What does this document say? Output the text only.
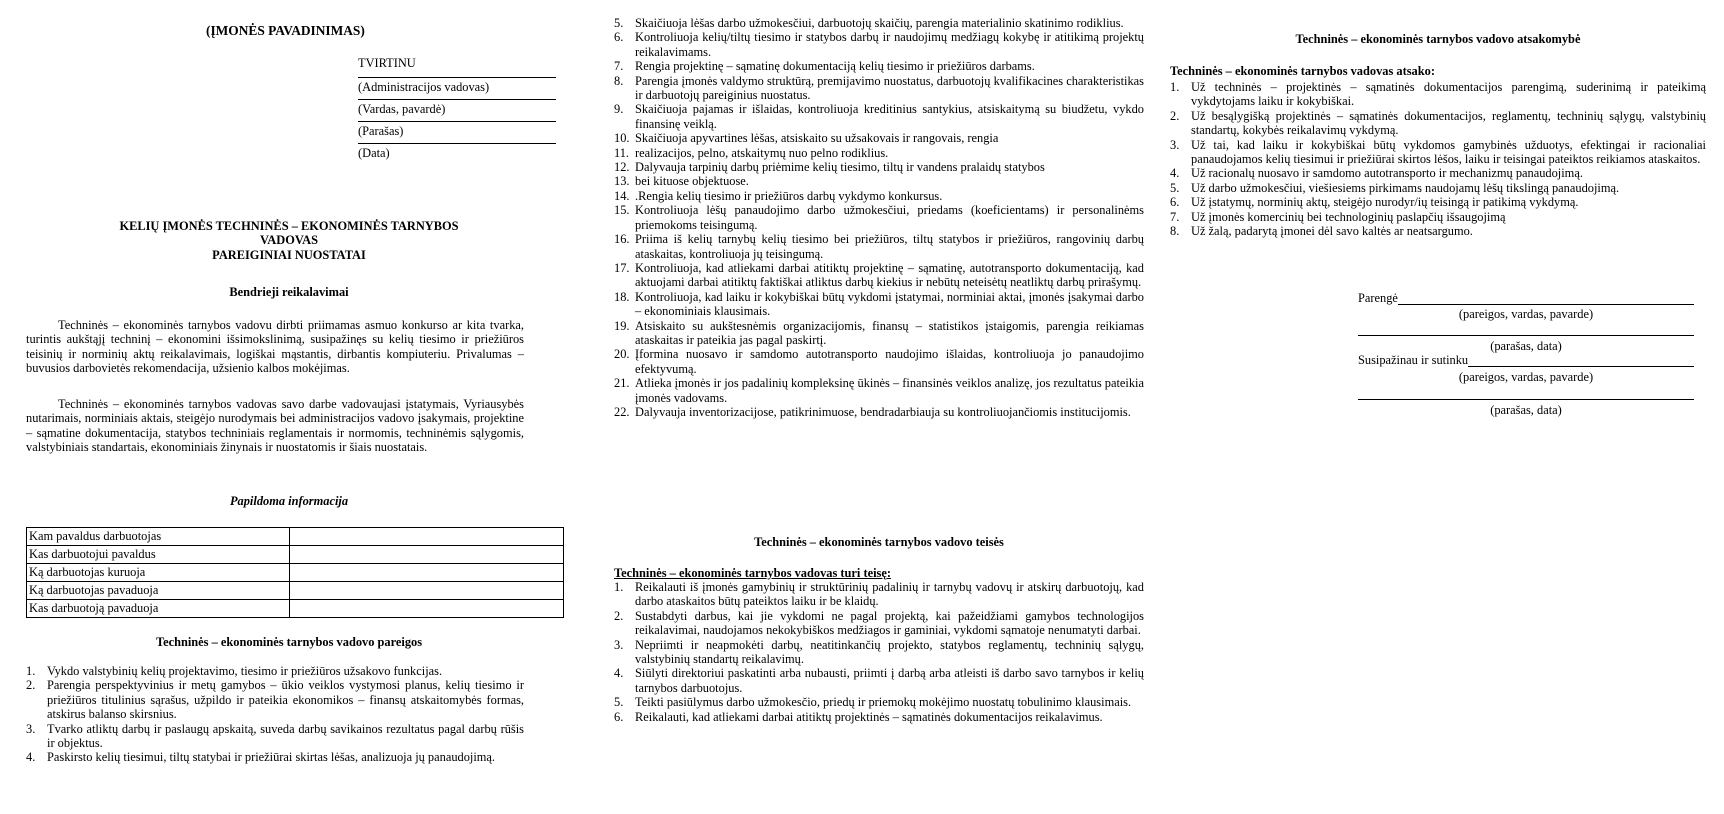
(ĮMONĖS PAVADINIMAS)
TVIRTINU
(Administracijos vadovas)
(Vardas, pavardė)
(Parašas)
(Data)
KELIŲ ĮMONĖS TECHNINĖS – EKONOMINĖS TARNYBOS
VADOVAS
PAREIGINIAI NUOSTATAI
Bendrieji reikalavimai
Techninės – ekonominės tarnybos vadovu dirbti priimamas asmuo konkurso ar kita tvarka, turintis aukštąjį techninį – ekonomini išsimokslinimą, susipažinęs su kelių tiesimo ir priežiūros teisinių ir norminių aktų reikalavimais, logiškai mąstantis, dirbantis kompiuteriu. Privalumas – buvusios darbovietės rekomendacija, užsienio kalbos mokėjimas.
Techninės – ekonominės tarnybos vadovas savo darbe vadovaujasi įstatymais, Vyriausybės nutarimais, norminiais aktais, steigėjo nurodymais bei administracijos vadovo įsakymais, projektine – sąmatine dokumentacija, statybos techniniais reglamentais ir normomis, techninėmis sąlygomis, valstybiniais standartais, ekonominiais žinynais ir nuostatomis ir šiais nuostatais.
Papildoma informacija
Kam pavaldus darbuotojas	
Kas darbuotojui pavaldus	
Ką darbuotojas kuruoja	
Ką darbuotojas pavaduoja	
Kas darbuotoją pavaduoja	
Techninės – ekonominės tarnybos vadovo pareigos
1. Vykdo valstybinių kelių projektavimo, tiesimo ir priežiūros užsakovo funkcijas.
2. Parengia perspektyvinius ir metų gamybos – ūkio veiklos vystymosi planus, kelių tiesimo ir priežiūros titulinius sąrašus, užpildo ir pateikia ekonomikos – finansų atskaitomybės formas, atskirus balanso skirsnius.
3. Tvarko atliktų darbų ir paslaugų apskaitą, suveda darbų savikainos rezultatus pagal darbų rūšis ir objektus.
4. Paskirsto kelių tiesimui, tiltų statybai ir priežiūrai skirtas lėšas, analizuoja jų panaudojimą.
5. Skaičiuoja lėšas darbo užmokesčiui, darbuotojų skaičių, parengia materialinio skatinimo rodiklius.
6. Kontroliuoja kelių/tiltų tiesimo ir statybos darbų ir naudojimų medžiagų kokybę ir atitikimą projektų reikalavimams.
7. Rengia projektinę – sąmatinę dokumentaciją kelių tiesimo ir priežiūros darbams.
8. Parengia įmonės valdymo struktūrą, premijavimo nuostatus, darbuotojų kvalifikacines charakteristikas ir darbuotojų pareiginius nuostatus.
9. Skaičiuoja pajamas ir išlaidas, kontroliuoja kreditinius santykius, atsiskaitymą su biudžetu, vykdo finansinę veiklą.
10. Skaičiuoja apyvartines lėšas, atsiskaito su užsakovais ir rangovais, rengia
11. realizacijos, pelno, atskaitymų nuo pelno rodiklius.
12. Dalyvauja tarpinių darbų priėmime kelių tiesimo, tiltų ir vandens pralaidų statybos
13. bei kituose objektuose.
14. .Rengia kelių tiesimo ir priežiūros darbų vykdymo konkursus.
15. Kontroliuoja lėšų panaudojimo darbo užmokesčiui, priedams (koeficientams) ir personalinėms priemokoms teisingumą.
16. Priima iš kelių tarnybų kelių tiesimo bei priežiūros, tiltų statybos ir priežiūros, rangovinių darbų ataskaitas, kontroliuoja jų teisingumą.
17. Kontroliuoja, kad atliekami darbai atitiktų projektinę – sąmatinę, autotransporto dokumentaciją, kad aktuojami darbai atitiktų faktiškai atliktus darbų kiekius ir nebūtų neteisėtų neatliktų darbų prirašymų.
18. Kontroliuoja, kad laiku ir kokybiškai būtų vykdomi įstatymai, norminiai aktai, įmonės įsakymai darbo – ekonominiais klausimais.
19. Atsiskaito su aukštesnėmis organizacijomis, finansų – statistikos įstaigomis, parengia reikiamas ataskaitas ir pateikia jas pagal paskirtį.
20. Įforminа nuosavo ir samdomo autotransporto naudojimo išlaidas, kontroliuoja jo panaudojimo efektyvumą.
21. Atlieka įmonės ir jos padalinių kompleksinę ūkinės – finansinės veiklos analizę, jos rezultatus pateikia įmonės vadovams.
22. Dalyvauja inventorizacijose, patikrinimuose, bendradarbiauja su kontroliuojančiomis institucijomis.
Techninės – ekonominės tarnybos vadovo teisės
Techninės – ekonominės tarnybos vadovas turi teisę:
1. Reikalauti iš įmonės gamybinių ir struktūrinių padalinių ir tarnybų vadovų ir atskirų darbuotojų, kad darbo ataskaitos būtų pateiktos laiku ir be klaidų.
2. Sustabdyti darbus, kai jie vykdomi ne pagal projektą, kai pažeidžiami gamybos technologijos reikalavimai, naudojamos nekokybiškos medžiagos ir gaminiai, vykdomi sąmatoje nenumatyti darbai.
3. Nepriimti ir neapmokėti darbų, neatitinkančių projekto, statybos reglamentų, techninių sąlygų, valstybinių standartų reikalavimų.
4. Siūlyti direktoriui paskatinti arba nubausti, priimti į darbą arba atleisti iš darbo savo tarnybos ir kelių tarnybos darbuotojus.
5. Teikti pasiūlymus darbo užmokesčio, priedų ir priemokų mokėjimo nuostatų tobulinimo klausimais.
6. Reikalauti, kad atliekami darbai atitiktų projektinės – sąmatinės dokumentacijos reikalavimus.
Techninės – ekonominės tarnybos vadovo atsakomybė
Techninės – ekonominės tarnybos vadovas atsako:
1. Už techninės – projektinės – sąmatinės dokumentacijos parengimą, suderinimą ir pateikimą vykdytojams laiku ir kokybiškai.
2. Už besąlygišką projektinės – sąmatinės dokumentacijos, reglamentų, techninių sąlygų, valstybinių standartų, kokybės reikalavimų vykdymą.
3. Už tai, kad laiku ir kokybiškai būtų vykdomos gamybinės užduotys, efektingai ir racionaliai panaudojamos kelių tiesimui ir priežiūrai skirtos lėšos, laiku ir teisingai pateiktos reikiamos ataskaitos.
4. Už racionalų nuosavo ir samdomo autotransporto ir mechanizmų panaudojimą.
5. Už darbo užmokesčiui, viešiesiems pirkimams naudojamų lėšų tikslingą panaudojimą.
6. Už įstatymų, norminių aktų, steigėjo nurodyr/ių teisingą ir patikimą vykdymą.
7. Už įmonės komercinių bei technologinių paslapčių išsaugojimą
8. Už žalą, padarytą įmonei dėl savo kaltės ar neatsargumo.
Parengė
(pareigos, vardas, pavarde)
(parašas, data)
Susipažinau ir sutinku
(pareigos, vardas, pavarde)
(parašas, data)
